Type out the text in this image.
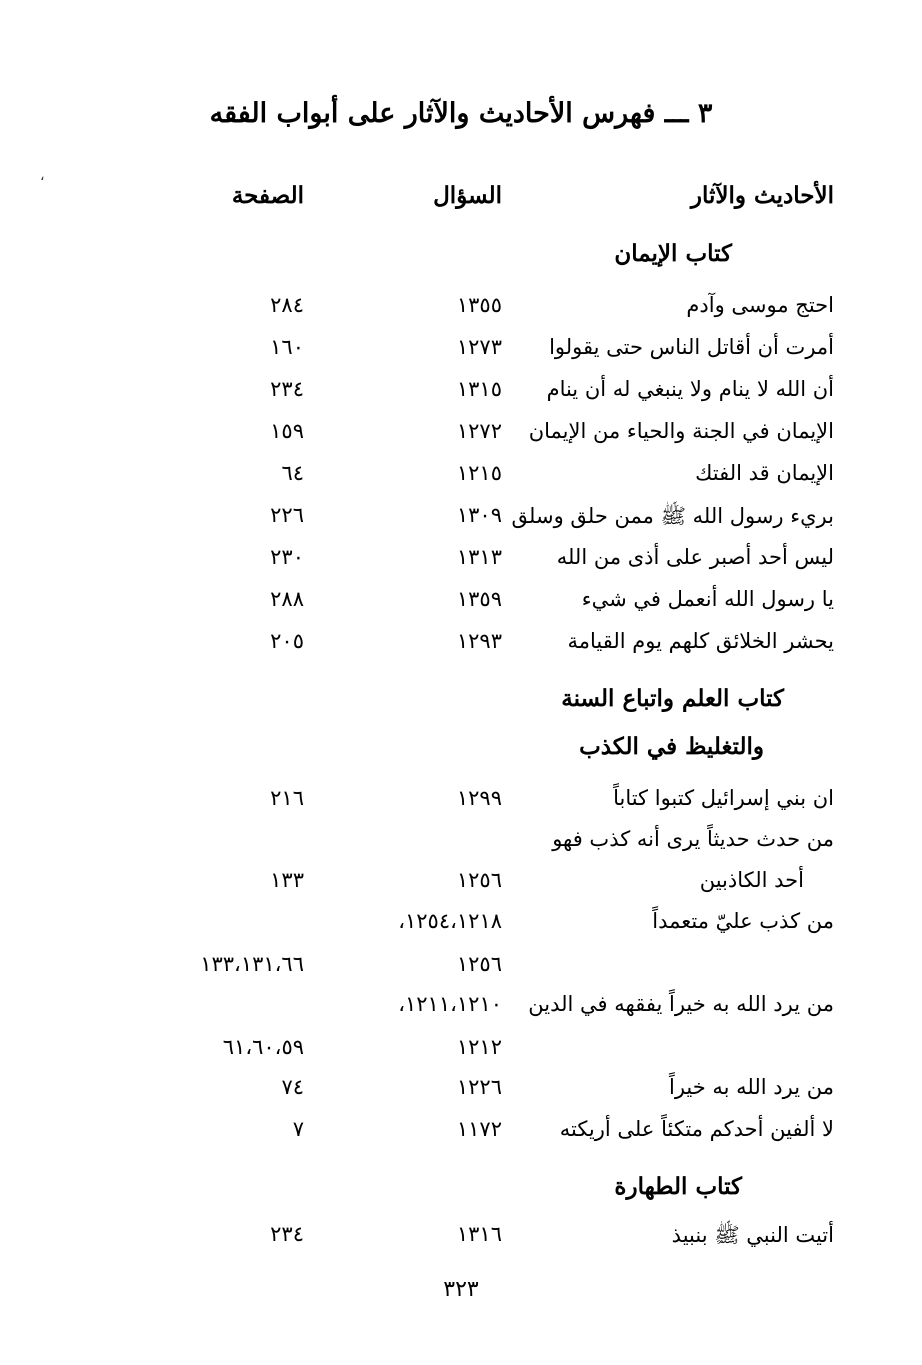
،
٣ ـــ فهرس الأحاديث والآثار على أبواب الفقه
الأحاديث والآثار
السؤال
الصفحة
كتاب الإيمان
احتج موسى وآدم
١٣٥٥
٢٨٤
أمرت أن أقاتل الناس حتى يقولوا
١٢٧٣
١٦٠
أن الله لا ينام ولا ينبغي له أن ينام
١٣١٥
٢٣٤
الإيمان في الجنة والحياء من الإيمان
١٢٧٢
١٥٩
الإيمان قد الفتك
١٢١٥
٦٤
بريء رسول الله ﷺ ممن حلق وسلق
١٣٠٩
٢٢٦
ليس أحد أصبر على أذى من الله
١٣١٣
٢٣٠
يا رسول الله أنعمل في شيء
١٣٥٩
٢٨٨
يحشر الخلائق كلهم يوم القيامة
١٢٩٣
٢٠٥
كتاب العلم واتباع السنة
والتغليظ في الكذب
ان بني إسرائيل كتبوا كتاباً
١٢٩٩
٢١٦
من حدث حديثاً يرى أنه كذب فهو
أحد الكاذبين
١٢٥٦
١٣٣
من كذب عليّ متعمداً
١٢٥٤،١٢١٨،
١٢٥٦
١٣٣،١٣١،٦٦
من يرد الله به خيراً يفقهه في الدين
١٢١١،١٢١٠،
١٢١٢
٦١،٦٠،٥٩
من يرد الله به خيراً
١٢٢٦
٧٤
لا ألفين أحدكم متكئاً على أريكته
١١٧٢
٧
كتاب الطهارة
أتيت النبي ﷺ بنبيذ
١٣١٦
٢٣٤
٣٢٣
